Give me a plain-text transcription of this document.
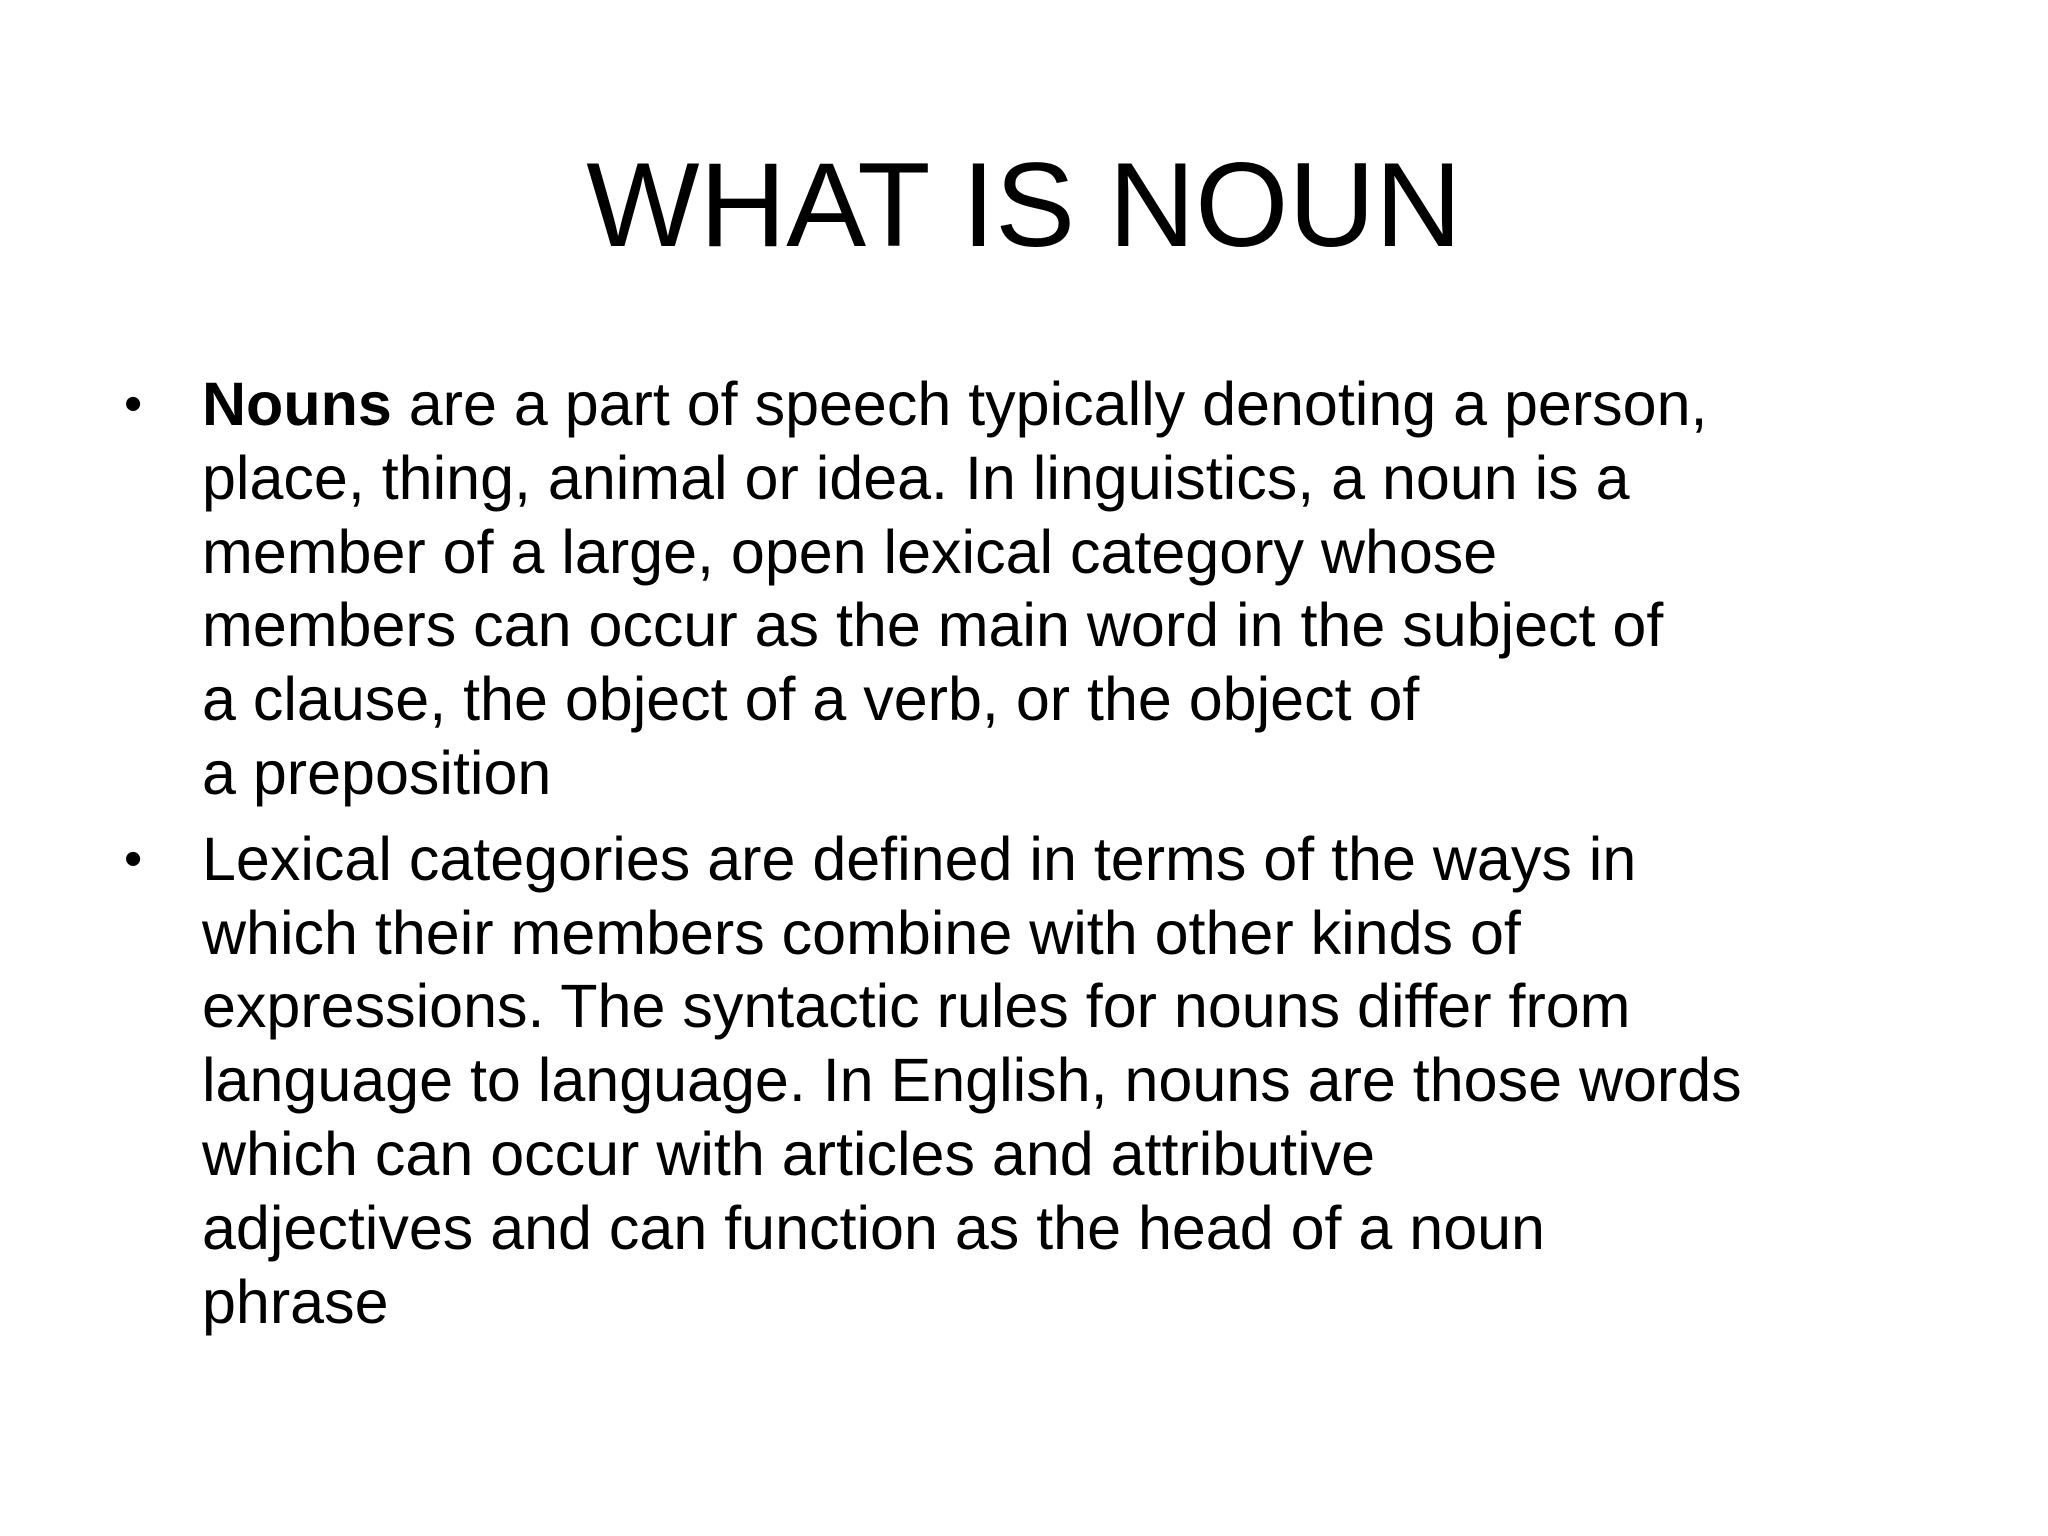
WHAT IS NOUN
• Nouns are a part of speech typically denoting a person,
place, thing, animal or idea. In linguistics, a noun is a
member of a large, open lexical category whose
members can occur as the main word in the subject of
a clause, the object of a verb, or the object of
a preposition
• Lexical categories are defined in terms of the ways in
which their members combine with other kinds of
expressions. The syntactic rules for nouns differ from
language to language. In English, nouns are those words
which can occur with articles and attributive
adjectives and can function as the head of a noun
phrase
